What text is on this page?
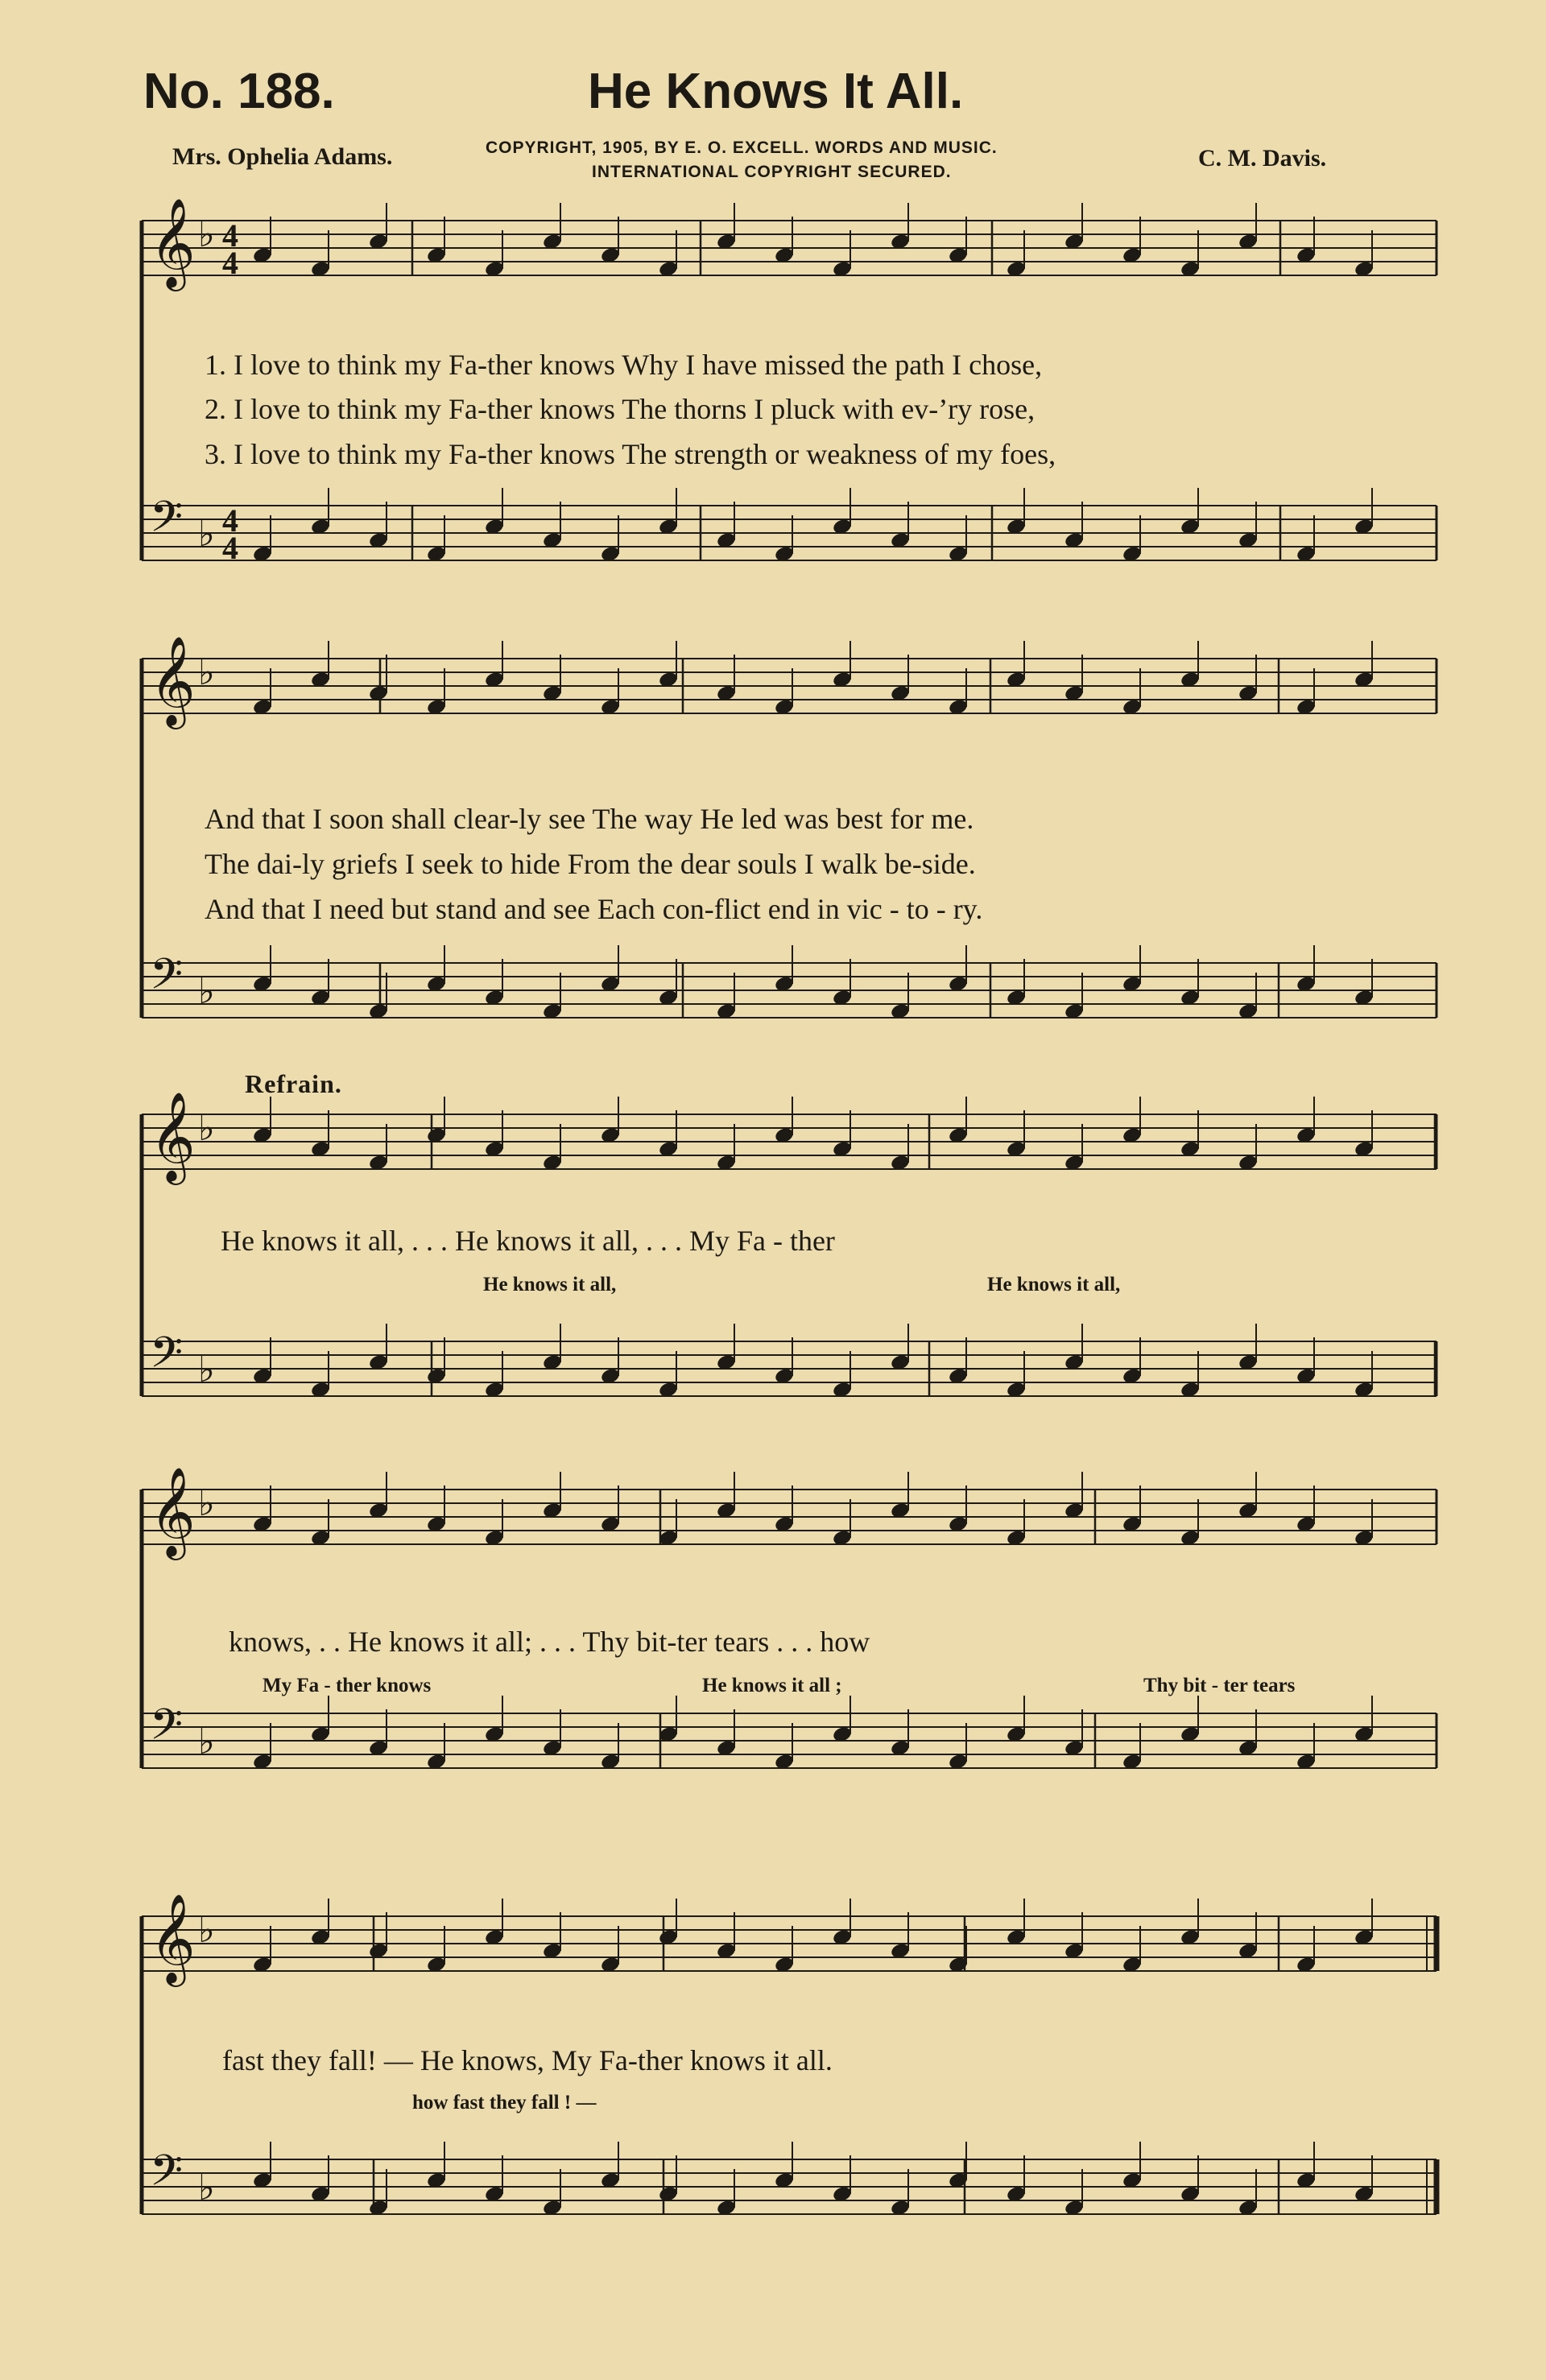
No. 188.	He Knows It All.
Mrs. Ophelia Adams.	COPYRIGHT, 1905, BY E. O. EXCELL. WORDS AND MUSIC.
INTERNATIONAL COPYRIGHT SECURED.
C. M. Davis.
𝄞 ♭ 4
4
𝄢 ♭ 4
4
𝄞 ♭
𝄢 ♭
𝄞 ♭
𝄢 ♭
𝄞 ♭
𝄢 ♭
𝄞 ♭
𝄢 ♭
1. I love to think my Fa-ther knows Why I have missed the path I chose,
2. I love to think my Fa-ther knows The thorns I pluck with ev-’ry rose,
3. I love to think my Fa-ther knows The strength or weakness of my foes,
And that I soon shall clear-ly see The way He led was best for me.
The dai-ly griefs I seek to hide From the dear souls I walk be-side.
And that I need but stand and see Each con-flict end in vic - to - ry.
Refrain.
He knows it all, . . . He knows it all, . . . My Fa - ther
He knows it all,	He knows it all,
knows, . . He knows it all; . . . Thy bit-ter tears . . . how
My Fa - ther knows	He knows it all ;	Thy bit - ter tears
fast they fall! — He knows, My Fa-ther knows it all.
how fast they fall ! —
